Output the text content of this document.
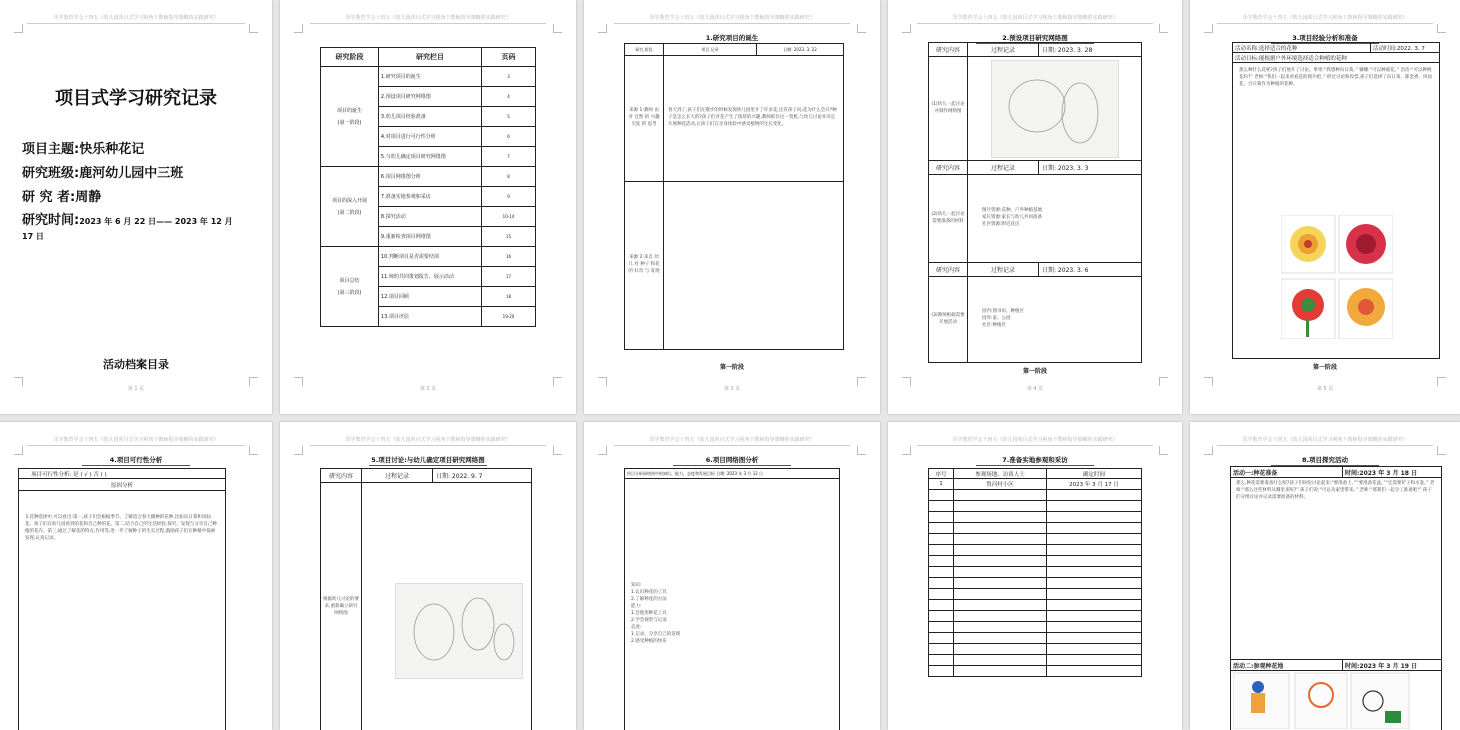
乐学教育学会十四五《幼儿园项目式学习视角下教师指导策略的实践研究》
项目式学习研究记录
项目主题:快乐种花记
研究班级:鹿河幼儿园中三班
研 究 者:周静
研究时间:2023 年 6 月 22 日—— 2023 年 12 月 17 日
活动档案目录
第 1 页
乐学教育学会十四五《幼儿园项目式学习视角下教师指导策略的实践研究》
研究阶段	研究栏目	页码
项目的诞生
(第一阶段)	1.研究项目的诞生	3
	2.预设项目研究网络图	4
	3.幼儿项目经验准备	5
	4.对项目进行可行性分析	6
	5.与幼儿确定项目研究网络图	7
项目的深入开展
(第二阶段)	6.项目网络图分析	8
	7.准备实地参观和采访	9
	8.探究活动	10-14
	9.重新检查项目网络图	15
项目总结
(第三阶段)	10.判断项目是否需要结项	16
	11.师幼共同策划报告、展示活动	17
	12.项目回顾	18
	13.项目评估	19-20
第 2 页
乐学教育学会十四五《幼儿园项目式学习视角下教师指导策略的实践研究》
1.研究项目的诞生
研究 阶段	项目 记录	日期: 2023. 3. 22
来源 1:教师 由对 自然 的 兴趣 引发 的 思考	春天到了,孩子们在散步的时候发现幼儿园里开了许多花,还有孩子问,花为什么会开?种子是怎么长大的?孩子们对花产生了浓厚的兴趣,教师抓住这一契机,与幼儿讨论并决定开展种花活动,让孩子们在亲身体验中感受植物的生长变化。	
来源 2:来自 幼儿 对 种子 和花 的 好奇 与 发现		
第一阶段
第 3 页
乐学教育学会十四五《幼儿园项目式学习视角下教师指导策略的实践研究》
2.预设项目研究网络图
研究内容	过程记录	日期: 2023. 3. 28
(1)幼儿一起讨论并制作网络图	

研究内容	过程记录	日期: 2023. 3. 3
(2)幼儿一起讨论需要准备的材料	图片资源:花种、户外种植基地
家长资源:家长与幼儿共同准备
社区资源:附近花店	

研究内容	过程记录	日期: 2023. 3. 6
(3)教师根据需要开展活动	园内:图书角、种植区
园外:家、公园
社区:种植区	
第一阶段
第 4 页
乐学教育学会十四五《幼儿园项目式学习视角下教师指导策略的实践研究》
3.项目经验分析和准备
活动名称:选择适合的花种	活动时间:2022. 3. 7
活动目标:能根据户外环境选择适合种植的花种

那么种什么花呢?孩子们展开了讨论。果果:“我想种向日葵。” 姗姗:“可以种菊花。” 浩浩:“可以种桃花吗?” 老师:“我们一起来看看花的图片吧。” 经过讨论和投票,孩子们选择了向日葵、郁金香、凤仙花、百日菊作为种植的花种。
第一阶段
第 5 页
乐学教育学会十四五《幼儿园项目式学习视角下教师指导策略的实践研究》
4.项目可行性分析
项目可行性分析: 是 ( √ ) 否 ( )
原因分析
在花种选择中,可以看出:第一,孩子们会根据季节、了解适合春天播种的花种,比如向日葵和凤仙花、孩子们在幼儿园看到的花和自己种的花。第二,结合自己的生活经验,探究、发现与分享自己种植的花卉。第三,通过了解花的特点,作用等,进一步了解种子的生长过程,鼓励孩子们在种植中探索发现,认真记录。
乐学教育学会十四五《幼儿园项目式学习视角下教师指导策略的实践研究》
5.项目讨论:与幼儿确定项目研究网络图
研究内容	过程记录	日期: 2022. 9. 7
根据幼儿讨论的要求,重新确立研究网络图	
乐学教育学会十四五《幼儿园项目式学习视角下教师指导策略的实践研究》
6.项目网络图分析
项目分析网络图中的知识、能力、态度和发展目标 日期: 2023 年 3 月 12 日

知识:
1.认识种花的工具
2.了解种花的方法
能力:
1.会使用种花工具
2.学会观察与记录
态度:
1.记录、分享自己的发现
2.感受种植的快乐
乐学教育学会十四五《幼儿园项目式学习视角下教师指导策略的实践研究》
7.准备实地参观和采访
序号	参观场地、访谈人士	确定时间
1	鲁河村小区	2023 年 3 月 17 日

乐学教育学会十四五《幼儿园项目式学习视角下教师指导策略的实践研究》
8.项目探究活动
活动一:种花准备	时间:2023 年 3 月 18 日
那么,种花需要准备什么呢?孩子们纷纷讨论起来:“要准备土。”“要准备花盆。”“还需要铲子和水壶。” 老师:“那么这些材料从哪里来呢?” 孩子们说:“可以从家里带来。” 老师:“那我们一起分工准备吧!” 孩子们分组讨论并记录需要准备的材料。	
活动二:参观种花地	时间:2023 年 3 月 19 日
